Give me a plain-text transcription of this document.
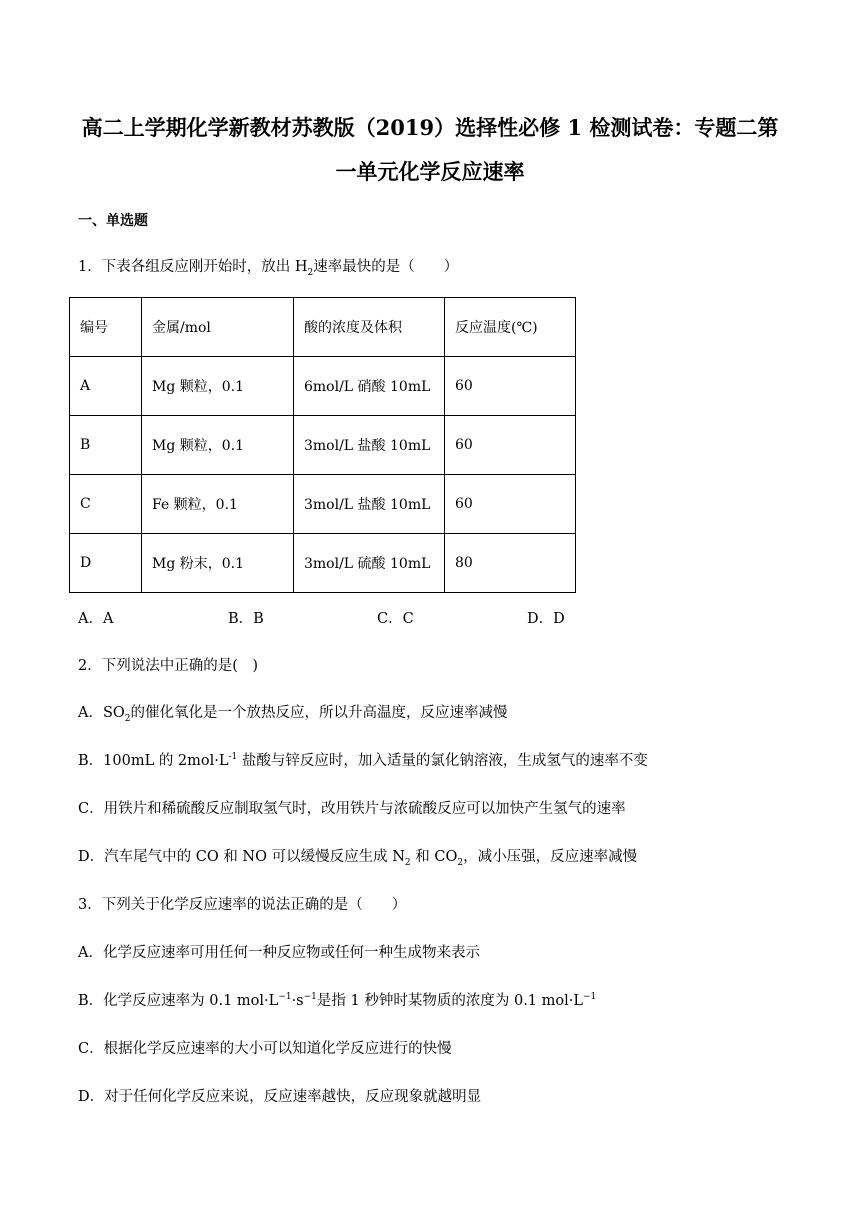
高二上学期化学新教材苏教版（2019）选择性必修 1 检测试卷：专题二第
一单元化学反应速率
一、单选题
1．下表各组反应刚开始时，放出 $H_2$速率最快的是（　　）
编号	金属/mol	酸的浓度及体积	反应温度(℃)
A	Mg 颗粒，0.1	6mol/L 硝酸 10mL	60
B	Mg 颗粒，0.1	3mol/L 盐酸 10mL	60
C	Fe 颗粒，0.1	3mol/L 盐酸 10mL	60
D	Mg 粉末，0.1	3mol/L 硫酸 10mL	80
A．A	B．B	C．C	D．D
2．下列说法中正确的是(　)
A．$SO_2$的催化氧化是一个放热反应，所以升高温度，反应速率减慢
B．100mL 的 $2mol\cdot L^{-1}$ 盐酸与锌反应时，加入适量的氯化钠溶液，生成氢气的速率不变
C．用铁片和稀硫酸反应制取氢气时，改用铁片与浓硫酸反应可以加快产生氢气的速率
D．汽车尾气中的 CO 和 NO 可以缓慢反应生成 $N_2$ 和 $CO_2$，减小压强，反应速率减慢
3．下列关于化学反应速率的说法正确的是（　　）
A．化学反应速率可用任何一种反应物或任何一种生成物来表示
B．化学反应速率为 0.1 $mol\cdot L^{-1}\cdot s^{-1}$是指 1 秒钟时某物质的浓度为 0.1 $mol\cdot L^{-1}$
C．根据化学反应速率的大小可以知道化学反应进行的快慢
D．对于任何化学反应来说，反应速率越快，反应现象就越明显
